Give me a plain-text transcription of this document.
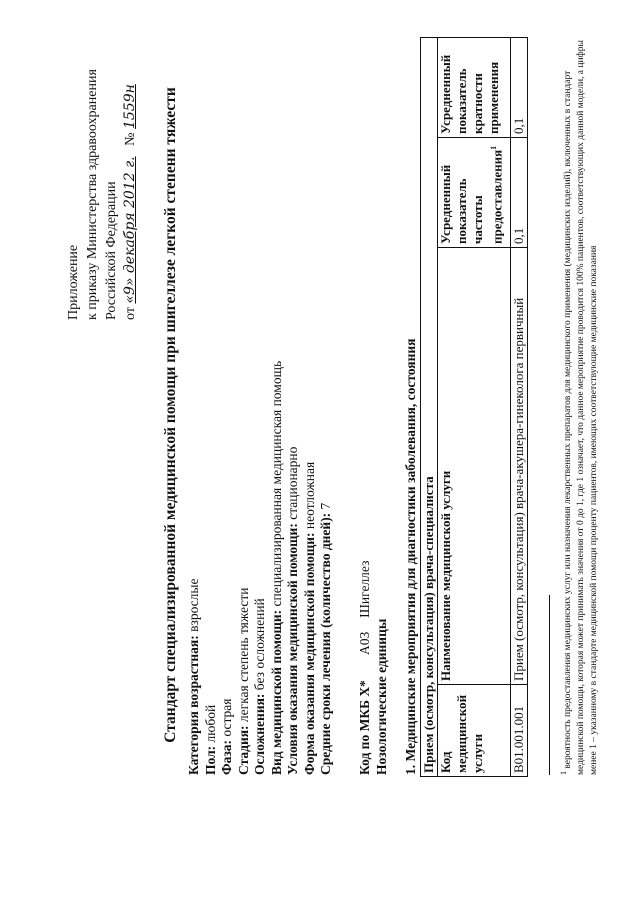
Приложение к приказу Министерства здравоохранения Российской Федерации от «9» декабря 2012 г.   № 1559н Стандарт специализированной медицинской помощи при шигеллезе легкой степени тяжести Категория возрастная: взрослые
Пол: любой
Фаза: острая
Стадия: легкая степень тяжести
Осложнения: без осложнений Вид медицинской помощи: специализированная медицинская помощь
Условия оказания медицинской помощи: стационарно
Форма оказания медицинской помощи: неотложная
Средние сроки лечения (количество дней): 7
Код по МКБ X* Нозологические единицы
A03Шигеллез 1. Медицинские мероприятия для диагностики заболевания, состояния Прием (осмотр, консультация) врача-специалиста			
Код медицинской услуги	Наименование медицинской услуги	Усредненный показатель частоты предоставления$^1$	Усредненный показатель кратности применения
B01.001.001	Прием (осмотр, консультация) врача-акушера-гинеколога первичный	0,1	0,1
$^1$ вероятность предоставления медицинских услуг или назначения лекарственных препаратов для медицинского применения (медицинских изделий), включенных в стандарт медицинской помощи, которая может принимать значения от 0 до 1, где 1 означает, что данное мероприятие проводится 100% пациентов, соответствующих данной модели, а цифры менее 1 – указанному в стандарте медицинской помощи проценту пациентов, имеющих соответствующие медицинские показания
